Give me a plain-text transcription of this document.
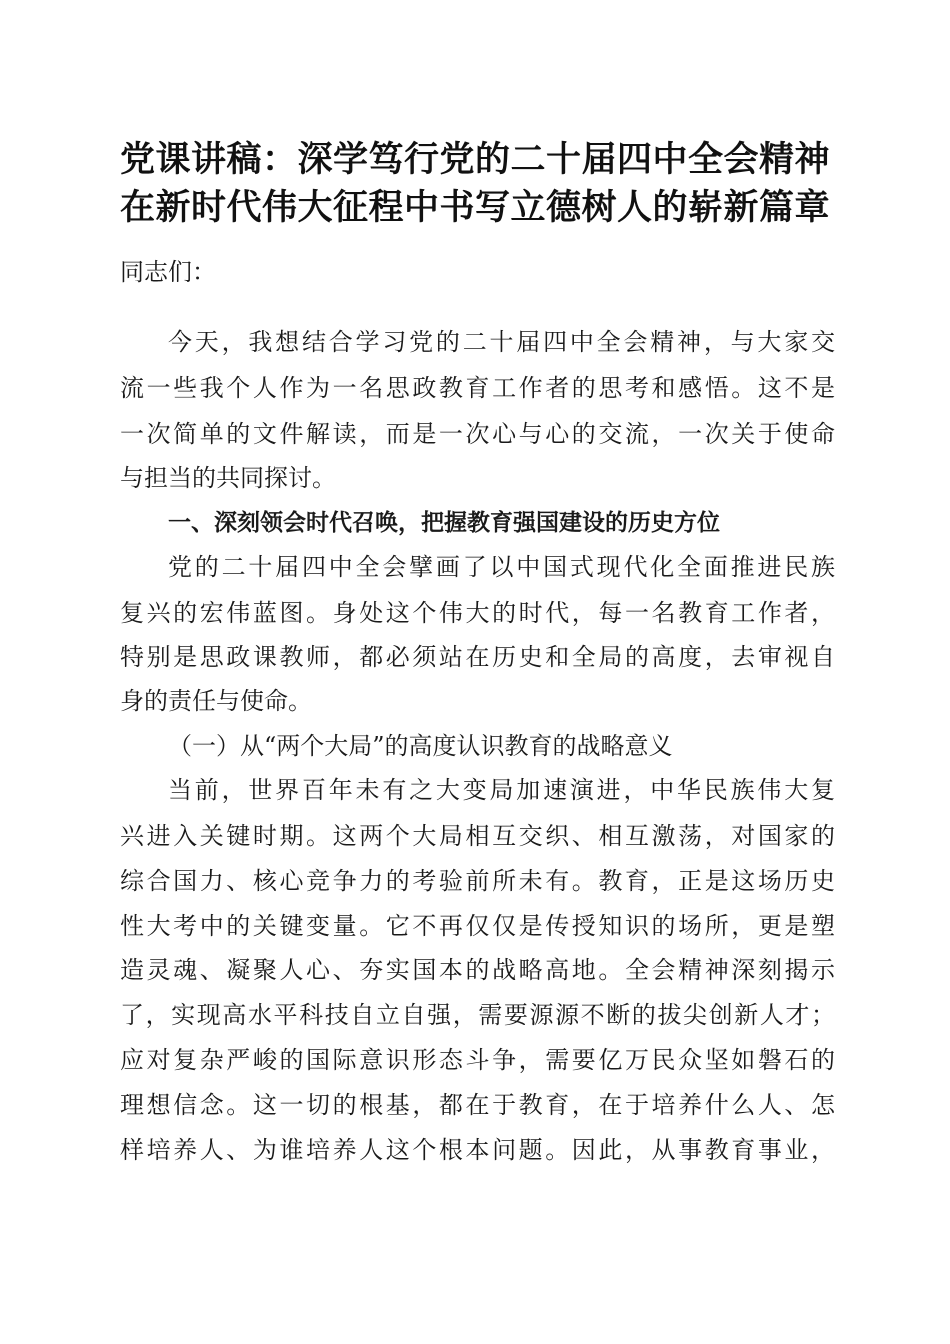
党课讲稿：深学笃行党的二十届四中全会精神
在新时代伟大征程中书写立德树人的崭新篇章
同志们：
今天，我想结合学习党的二十届四中全会精神，与大家交
流一些我个人作为一名思政教育工作者的思考和感悟。这不是
一次简单的文件解读，而是一次心与心的交流，一次关于使命
与担当的共同探讨。
一、深刻领会时代召唤，把握教育强国建设的历史方位
党的二十届四中全会擘画了以中国式现代化全面推进民族
复兴的宏伟蓝图。身处这个伟大的时代，每一名教育工作者，
特别是思政课教师，都必须站在历史和全局的高度，去审视自
身的责任与使命。
（一）从“两个大局”的高度认识教育的战略意义
当前，世界百年未有之大变局加速演进，中华民族伟大复
兴进入关键时期。这两个大局相互交织、相互激荡，对国家的
综合国力、核心竞争力的考验前所未有。教育，正是这场历史
性大考中的关键变量。它不再仅仅是传授知识的场所，更是塑
造灵魂、凝聚人心、夯实国本的战略高地。全会精神深刻揭示
了，实现高水平科技自立自强，需要源源不断的拔尖创新人才；
应对复杂严峻的国际意识形态斗争，需要亿万民众坚如磐石的
理想信念。这一切的根基，都在于教育，在于培养什么人、怎
样培养人、为谁培养人这个根本问题。因此，从事教育事业，
